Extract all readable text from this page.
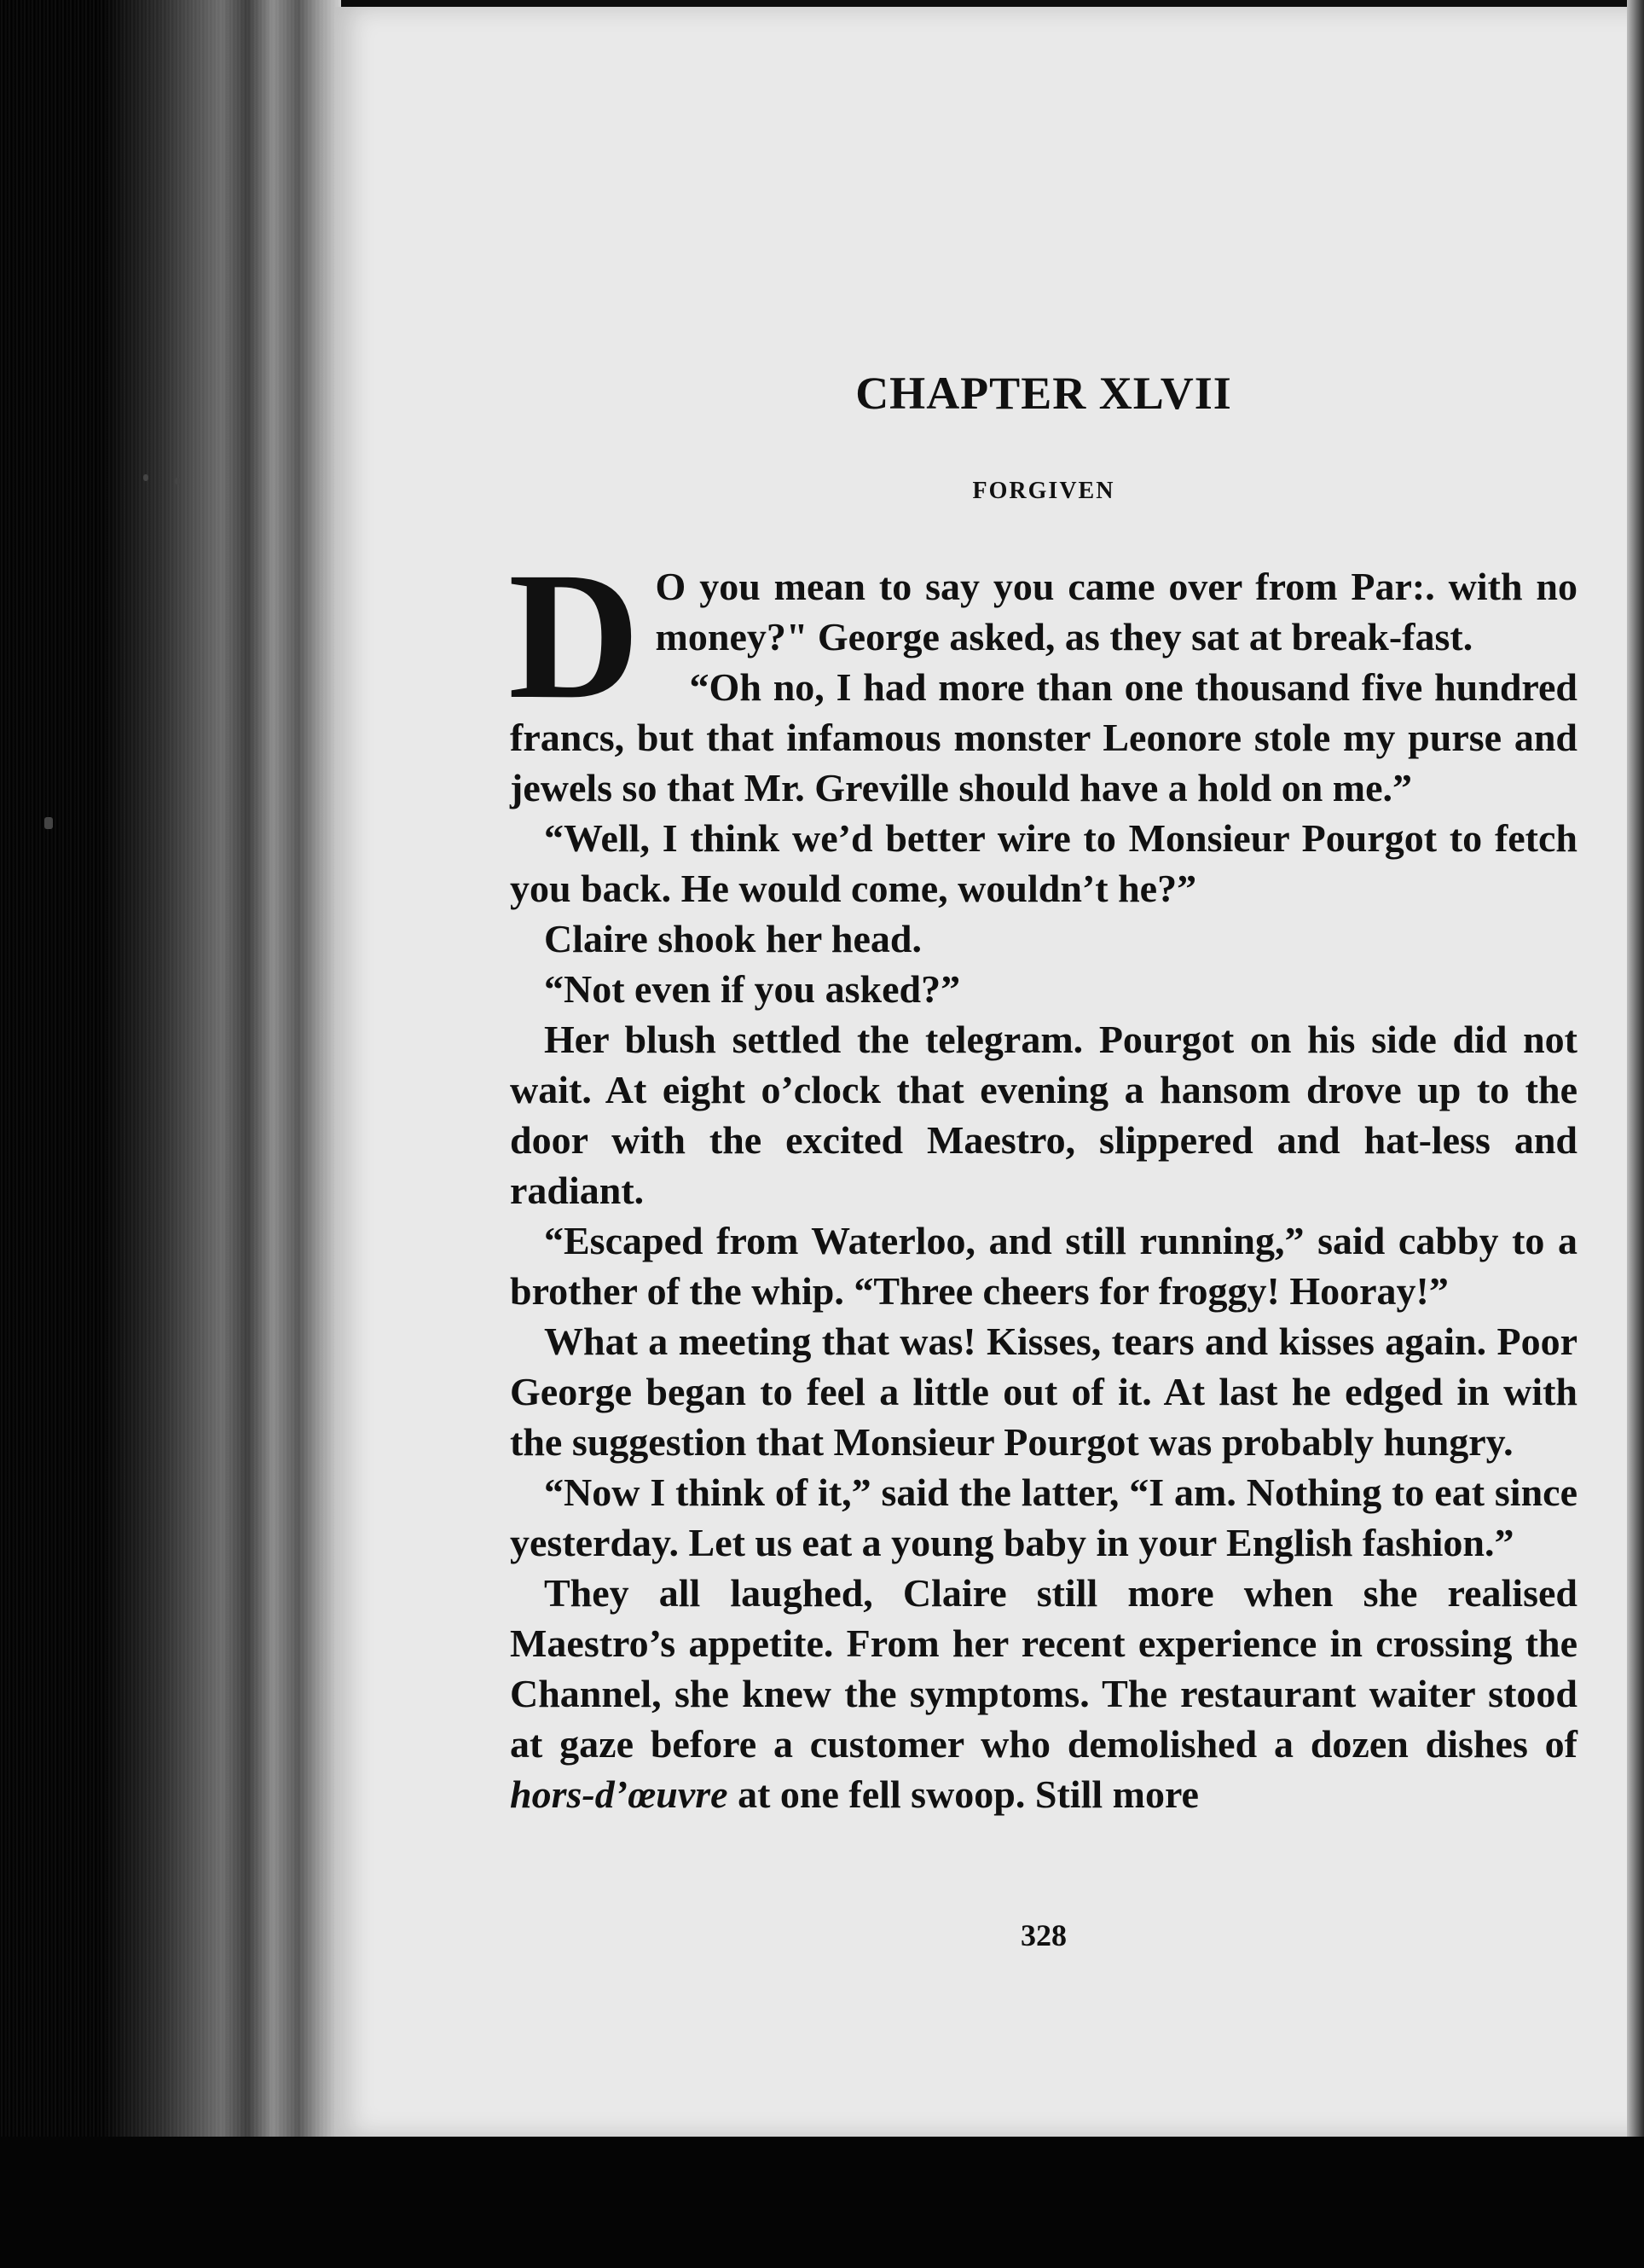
CHAPTER XLVII
FORGIVEN

D O you mean to say you came over from Par:. with no money?" George asked, as they sat at break-fast.

“Oh no, I had more than one thousand five hundred francs, but that infamous monster Leonore stole my purse and jewels so that Mr. Greville should have a hold on me.”

“Well, I think we’d better wire to Monsieur Pourgot to fetch you back. He would come, wouldn’t he?”

Claire shook her head.

“Not even if you asked?”

Her blush settled the telegram. Pourgot on his side did not wait. At eight o’clock that evening a hansom drove up to the door with the excited Maestro, slippered and hat-less and radiant.

“Escaped from Waterloo, and still running,” said cabby to a brother of the whip. “Three cheers for froggy! Hooray!”

What a meeting that was! Kisses, tears and kisses again. Poor George began to feel a little out of it. At last he edged in with the suggestion that Monsieur Pourgot was probably hungry.

“Now I think of it,” said the latter, “I am. Nothing to eat since yesterday. Let us eat a young baby in your English fashion.”

They all laughed, Claire still more when she realised Maestro’s appetite. From her recent experience in crossing the Channel, she knew the symptoms. The restaurant waiter stood at gaze before a customer who demolished a dozen dishes of hors-d’œuvre at one fell swoop. Still more

328
